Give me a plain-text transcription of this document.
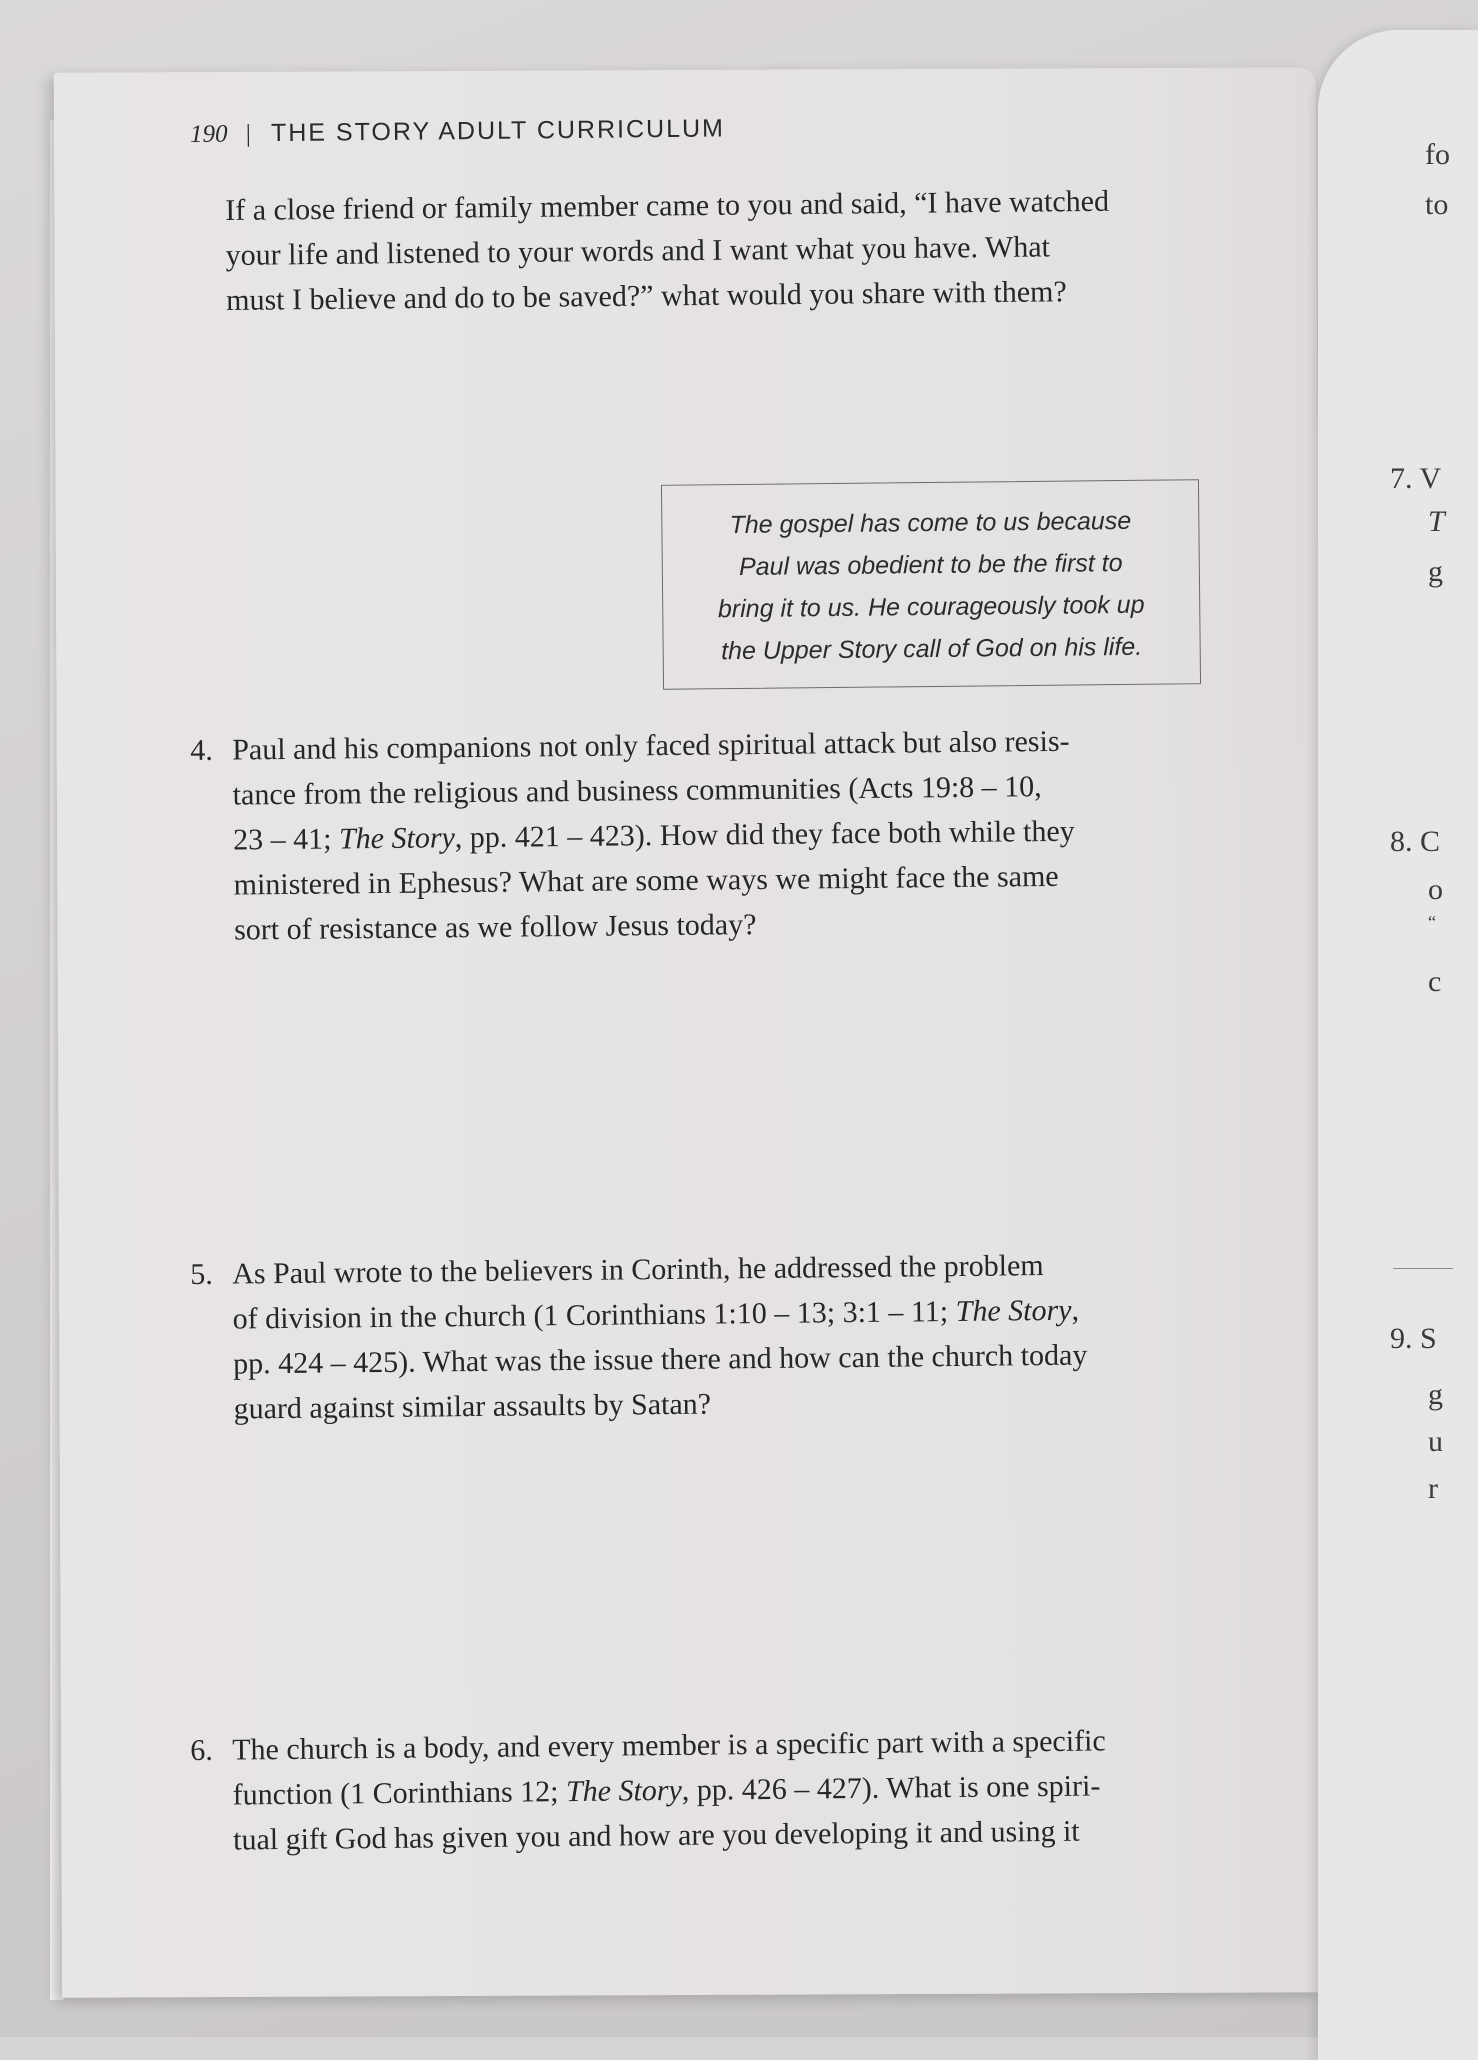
fo
to
7. V
T
g
8. C
o
“
c
9. S
g
u
r
190 | THE STORY ADULT CURRICULUM
If a close friend or family member came to you and said, “I have watched
your life and listened to your words and I want what you have. What
must I believe and do to be saved?” what would you share with them?
The gospel has come to us because
Paul was obedient to be the first to
bring it to us. He courageously took up
the Upper Story call of God on his life.
4. Paul and his companions not only faced spiritual attack but also resis-
tance from the religious and business communities (Acts 19:8 – 10,
23 – 41; The Story, pp. 421 – 423). How did they face both while they
ministered in Ephesus? What are some ways we might face the same
sort of resistance as we follow Jesus today?
5. As Paul wrote to the believers in Corinth, he addressed the problem
of division in the church (1 Corinthians 1:10 – 13; 3:1 – 11; The Story,
pp. 424 – 425). What was the issue there and how can the church today
guard against similar assaults by Satan?
6. The church is a body, and every member is a specific part with a specific
function (1 Corinthians 12; The Story, pp. 426 – 427). What is one spiri-
tual gift God has given you and how are you developing it and using it
